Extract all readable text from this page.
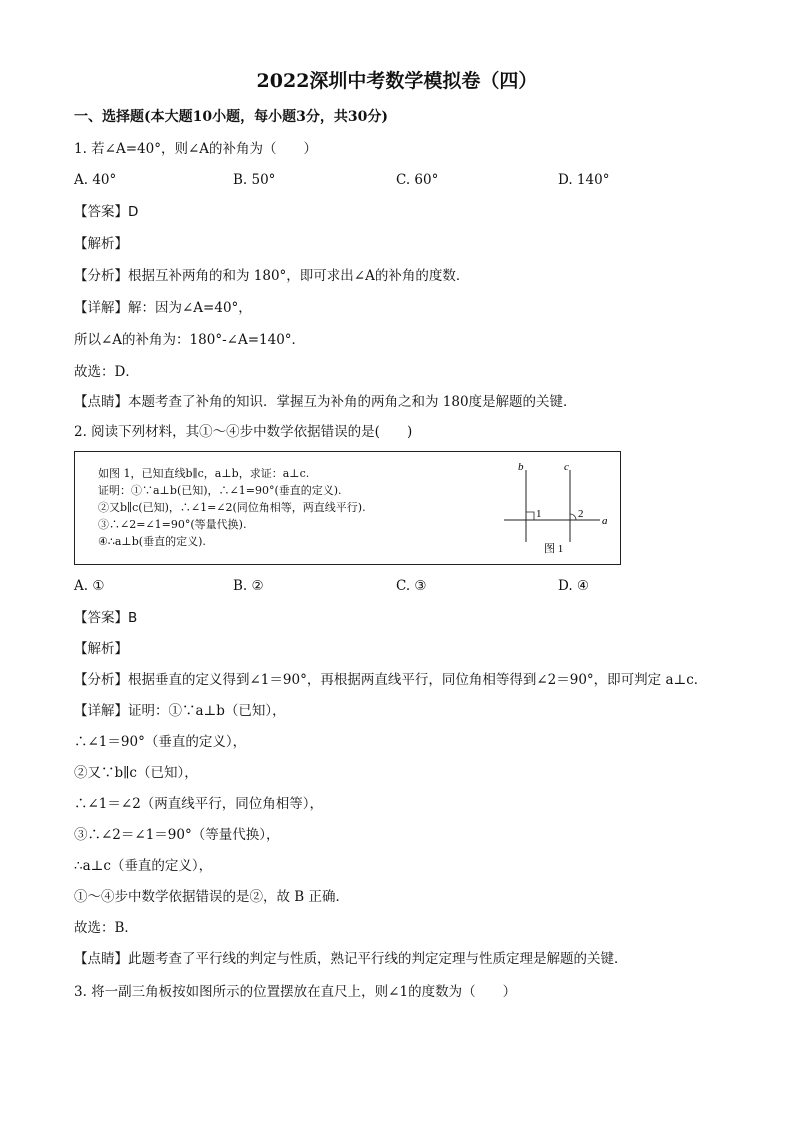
2022深圳中考数学模拟卷（四）
一、选择题(本大题10小题，每小题3分，共30分)
1. 若∠A=40°，则∠A的补角为（　　）
A. 40°	B. 50°	C. 60°	D. 140°
【答案】D
【解析】
【分析】根据互补两角的和为 180°，即可求出∠A的补角的度数．
【详解】解：因为∠A=40°，
所以∠A的补角为：180°-∠A=140°．
故选：D．
【点睛】本题考查了补角的知识．掌握互为补角的两角之和为 180度是解题的关键．
2. 阅读下列材料，其①～④步中数学依据错误的是(　　)
如图 1，已知直线b∥c，a⊥b，求证：a⊥c.
证明：①∵a⊥b(已知)，∴∠1=90°(垂直的定义).
②又b∥c(已知)，∴∠1=∠2(同位角相等，两直线平行).
③∴∠2=∠1=90°(等量代换).
④∴a⊥b(垂直的定义).
b	c
1	2
a
图 1
A. ①	B. ②	C. ③	D. ④
【答案】B
【解析】
【分析】根据垂直的定义得到∠1＝90°，再根据两直线平行，同位角相等得到∠2＝90°，即可判定 a⊥c．
【详解】证明：①∵a⊥b（已知），
∴∠1＝90°（垂直的定义），
②又∵b∥c（已知），
∴∠1＝∠2（两直线平行，同位角相等），
③∴∠2＝∠1＝90°（等量代换），
∴a⊥c（垂直的定义），
①～④步中数学依据错误的是②，故 B 正确．
故选：B．
【点睛】此题考查了平行线的判定与性质，熟记平行线的判定定理与性质定理是解题的关键．
3. 将一副三角板按如图所示的位置摆放在直尺上，则∠1的度数为（　　）
